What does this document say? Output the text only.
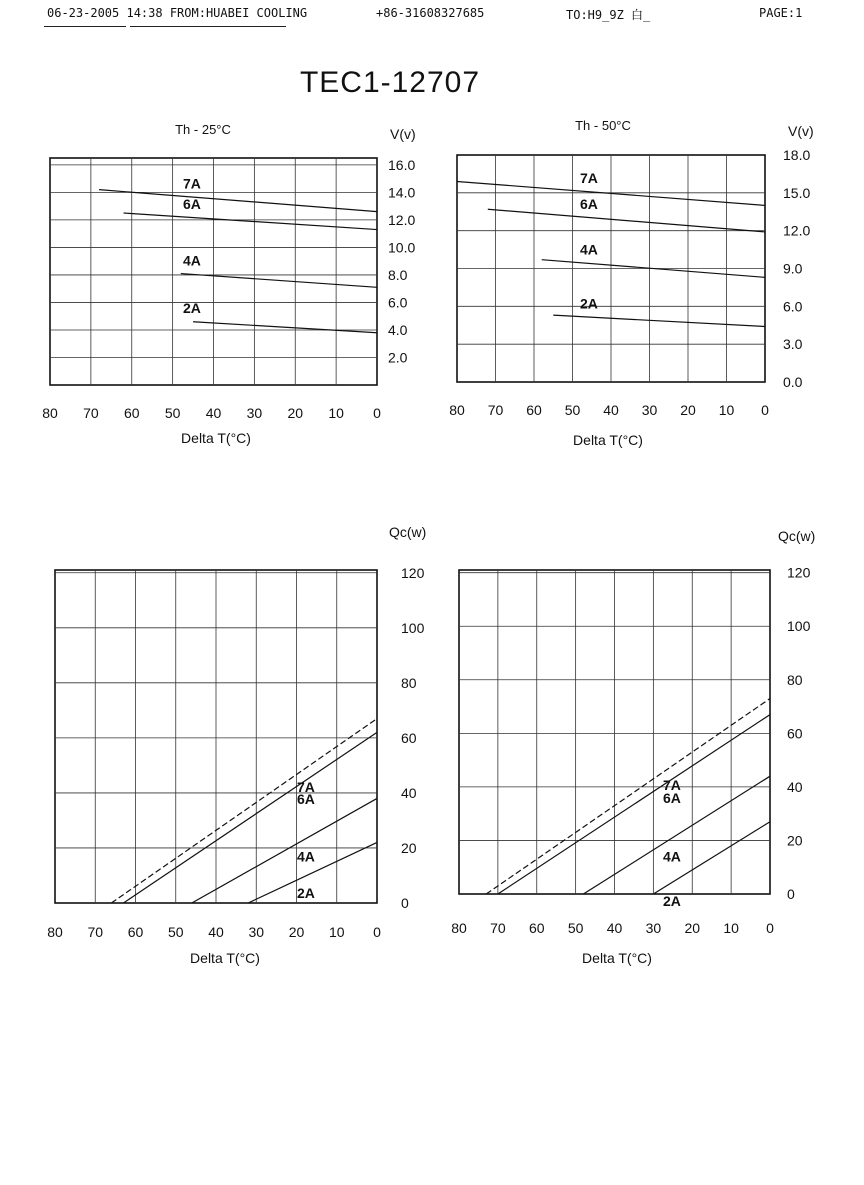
06-23-2005 14:38 FROM:HUABEI COOLING	+86-31608327685	TO:H9_9Z 白_	PAGE:1
TEC1-12707
80 70 60 50 40 30 20 10 0
2.0
4.0
6.0
8.0
10.0
12.0
14.0
16.0
V(v)
Delta T(°C)
Th - 25°C
7A
6A
4A
2A
80 70 60 50 40 30 20 10 0
0.0
3.0
6.0
9.0
12.0
15.0
18.0
V(v)
Delta T(°C)
Th - 50°C
7A
6A
4A
2A
80 70 60 50 40 30 20 10 0
0
20
40
60
80
100
120
Qc(w)
Delta T(°C)
7A
6A
4A
2A
80 70 60 50 40 30 20 10 0
0
20
40
60
80
100
120
Qc(w)
Delta T(°C)
7A
6A
4A
2A
